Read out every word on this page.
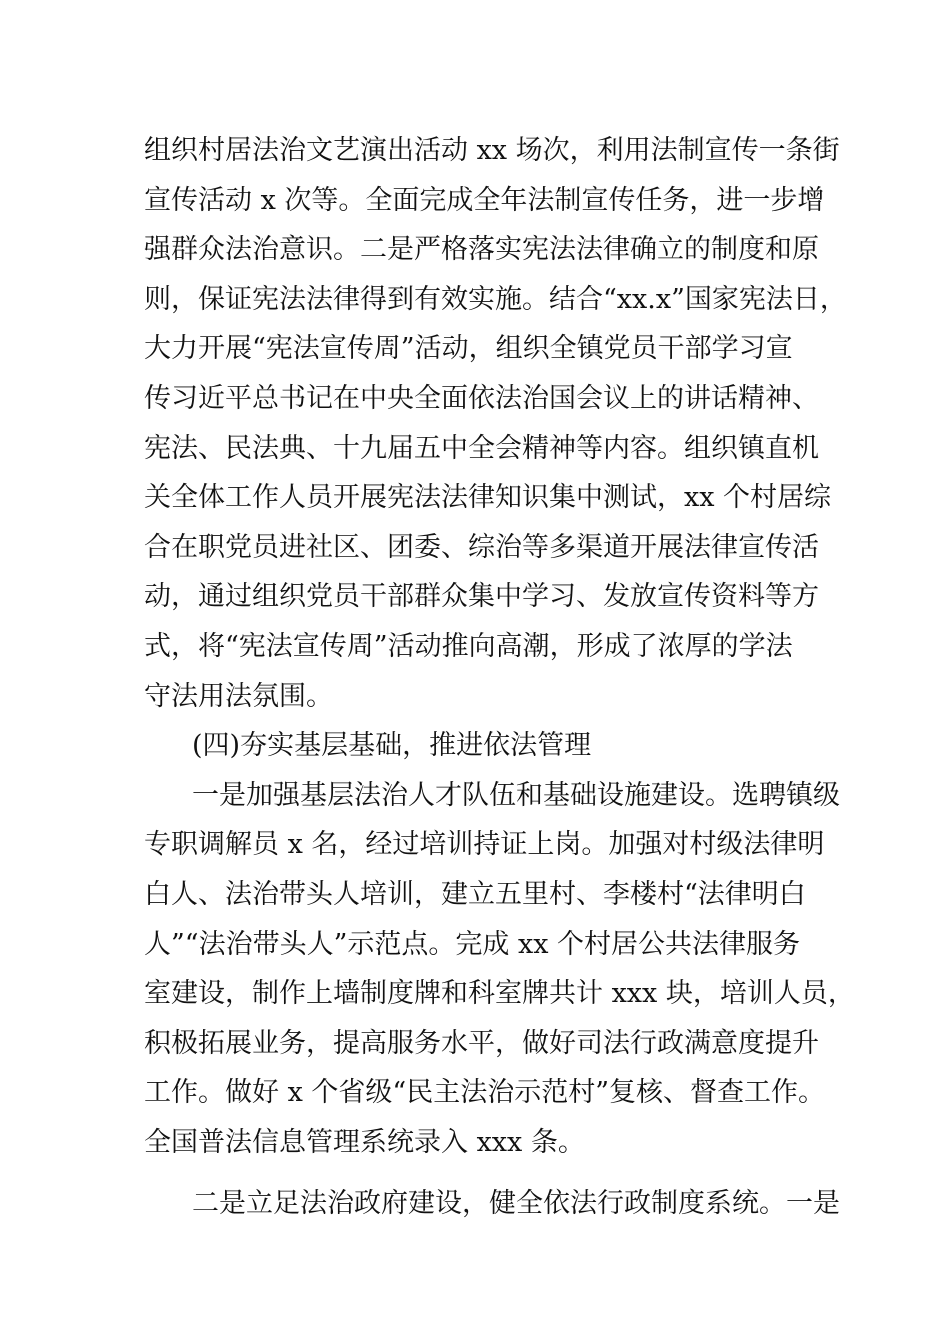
组织村居法治文艺演出活动 xx 场次，利用法制宣传一条街
宣传活动 x 次等。全面完成全年法制宣传任务，进一步增
强群众法治意识。二是严格落实宪法法律确立的制度和原
则，保证宪法法律得到有效实施。结合“xx.x”国家宪法日，
大力开展“宪法宣传周”活动，组织全镇党员干部学习宣
传习近平总书记在中央全面依法治国会议上的讲话精神、
宪法、民法典、十九届五中全会精神等内容。组织镇直机
关全体工作人员开展宪法法律知识集中测试，xx 个村居综
合在职党员进社区、团委、综治等多渠道开展法律宣传活
动，通过组织党员干部群众集中学习、发放宣传资料等方
式，将“宪法宣传周”活动推向高潮，形成了浓厚的学法
守法用法氛围。
(四)夯实基层基础，推进依法管理
一是加强基层法治人才队伍和基础设施建设。选聘镇级
专职调解员 x 名，经过培训持证上岗。加强对村级法律明
白人、法治带头人培训，建立五里村、李楼村“法律明白
人”“法治带头人”示范点。完成 xx 个村居公共法律服务
室建设，制作上墙制度牌和科室牌共计 xxx 块，培训人员，
积极拓展业务，提高服务水平，做好司法行政满意度提升
工作。做好 x 个省级“民主法治示范村”复核、督查工作。
全国普法信息管理系统录入 xxx 条。
二是立足法治政府建设，健全依法行政制度系统。一是
